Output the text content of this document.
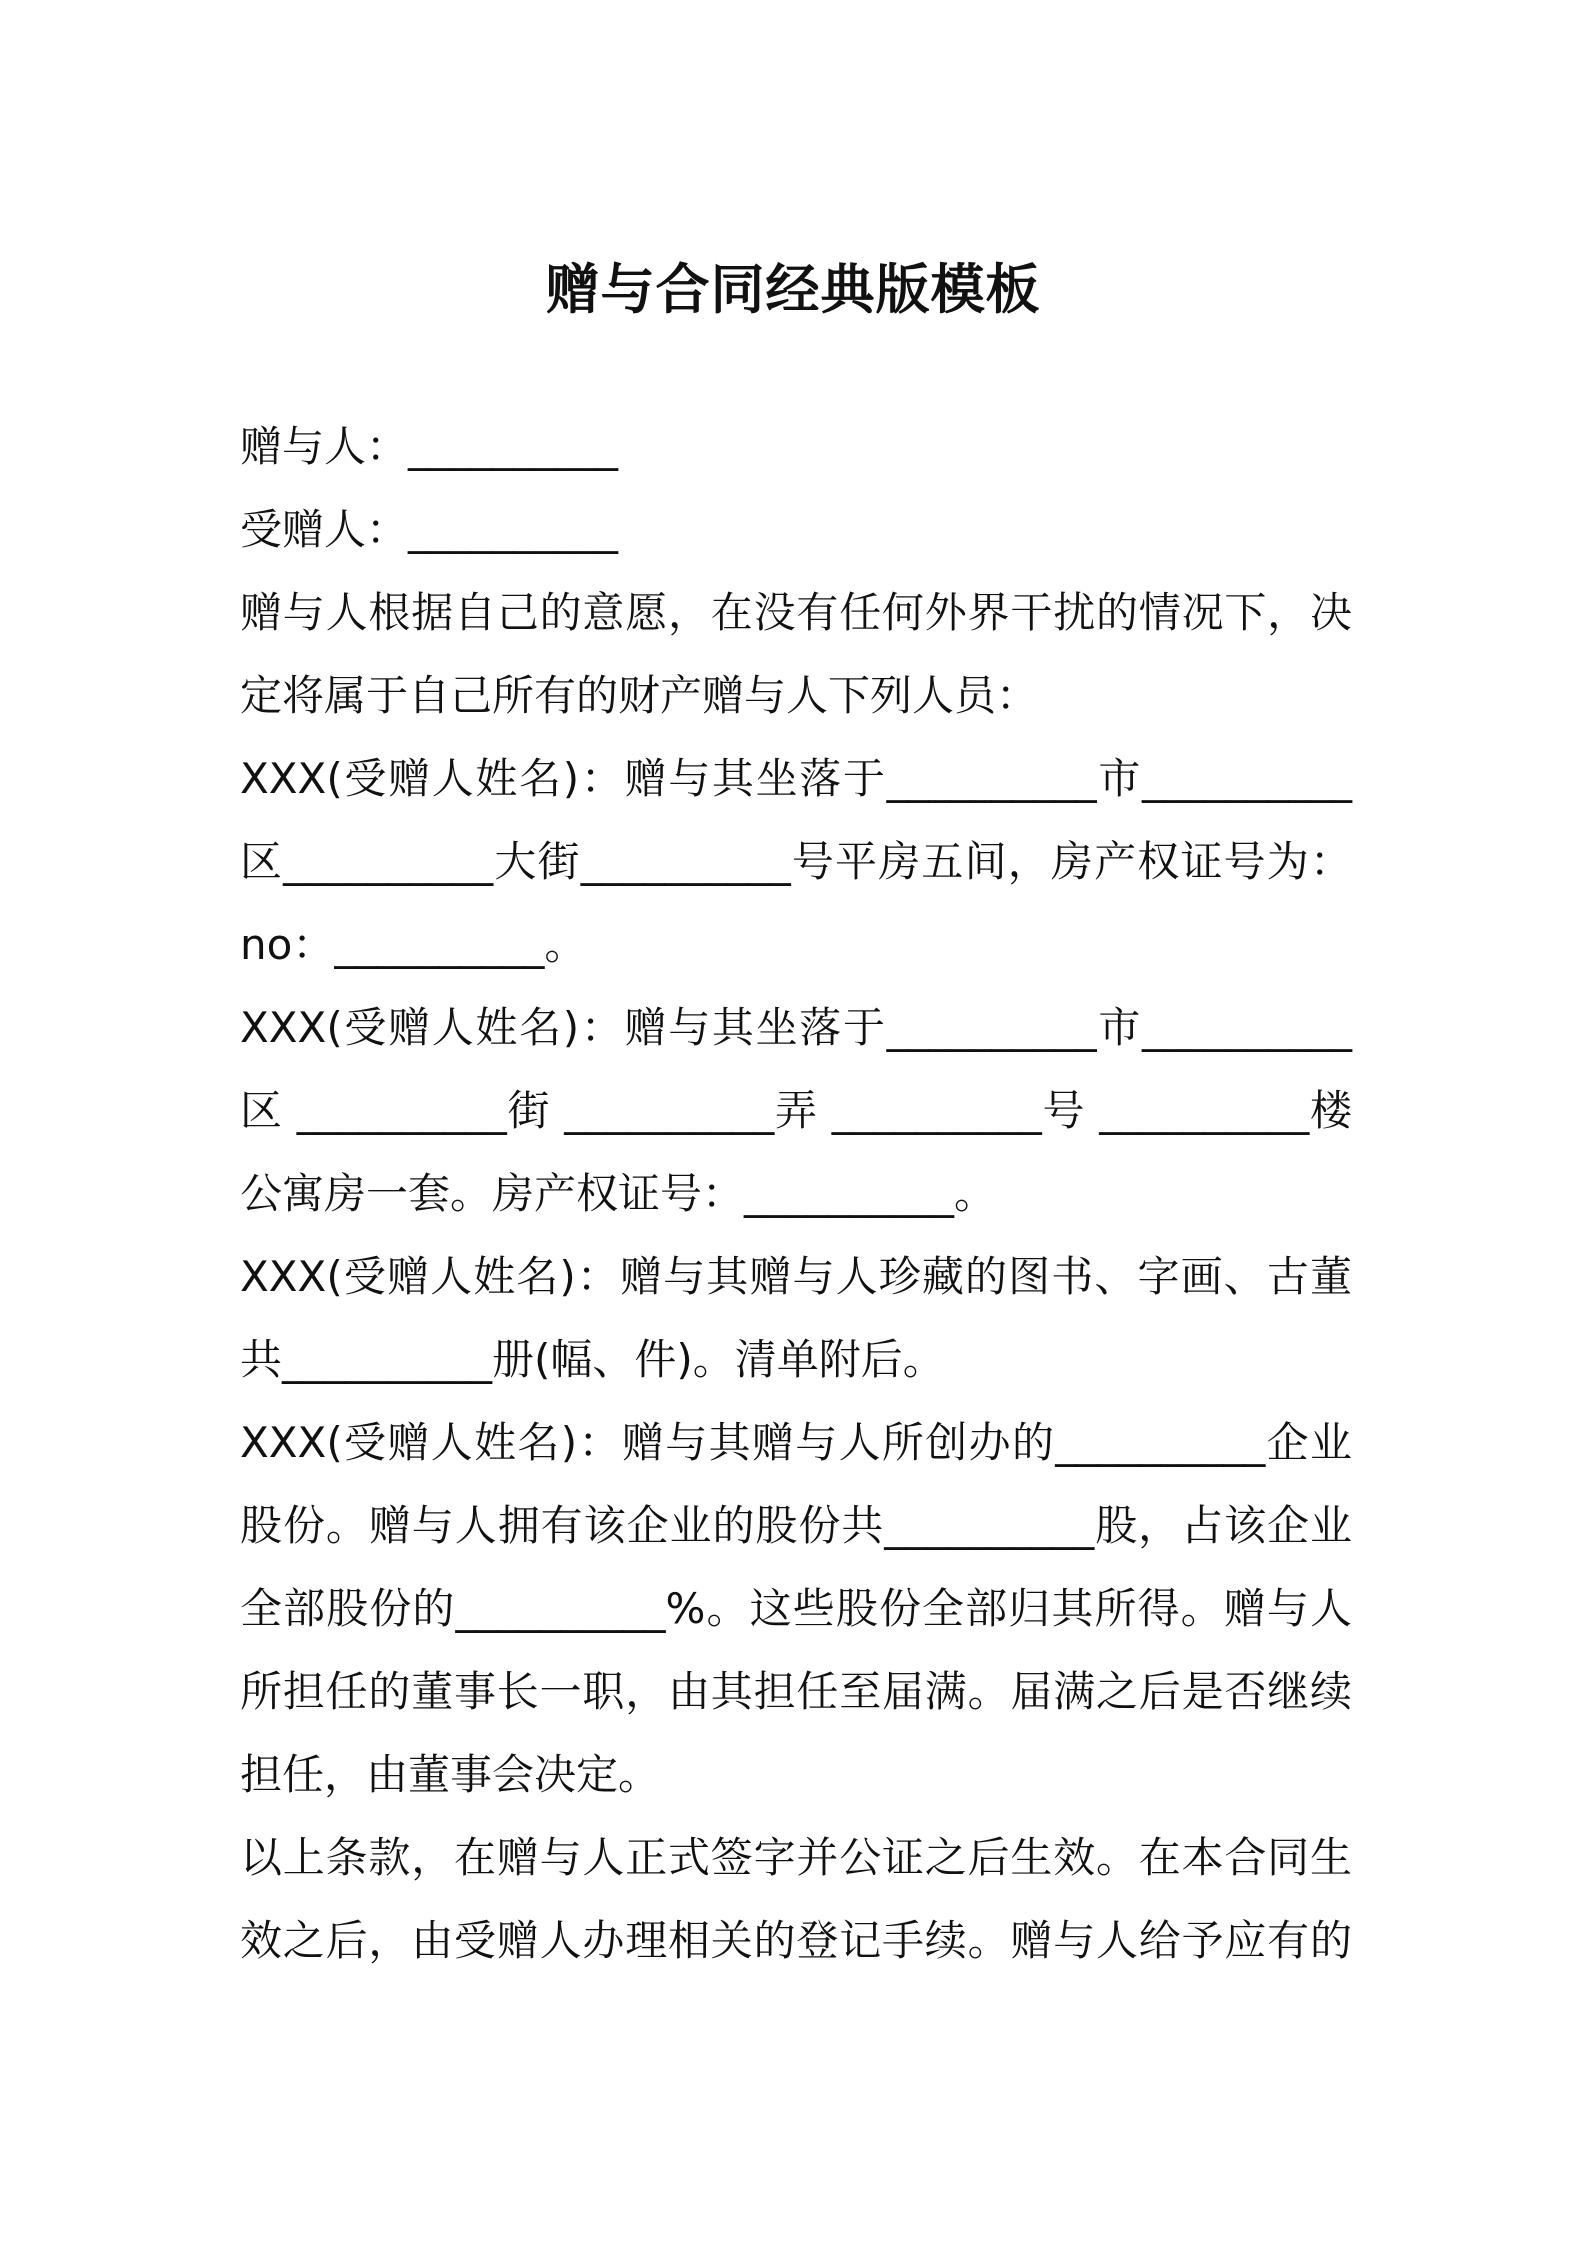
赠与合同经典版模板

赠与人：__________

受赠人：__________

赠与人根据自己的意愿，在没有任何外界干扰的情况下，决
定将属于自己所有的财产赠与人下列人员：

XXX(受赠人姓名)：赠与其坐落于__________市__________
区__________大街__________号平房五间，房产权证号为：
no：__________。

XXX(受赠人姓名)：赠与其坐落于__________市__________
区 __________街 __________弄 __________号 __________楼
公寓房一套。房产权证号：__________。

XXX(受赠人姓名)：赠与其赠与人珍藏的图书、字画、古董
共__________册(幅、件)。清单附后。

XXX(受赠人姓名)：赠与其赠与人所创办的__________企业
股份。赠与人拥有该企业的股份共__________股，占该企业
全部股份的__________%。这些股份全部归其所得。赠与人
所担任的董事长一职，由其担任至届满。届满之后是否继续
担任，由董事会决定。

以上条款，在赠与人正式签字并公证之后生效。在本合同生
效之后，由受赠人办理相关的登记手续。赠与人给予应有的
